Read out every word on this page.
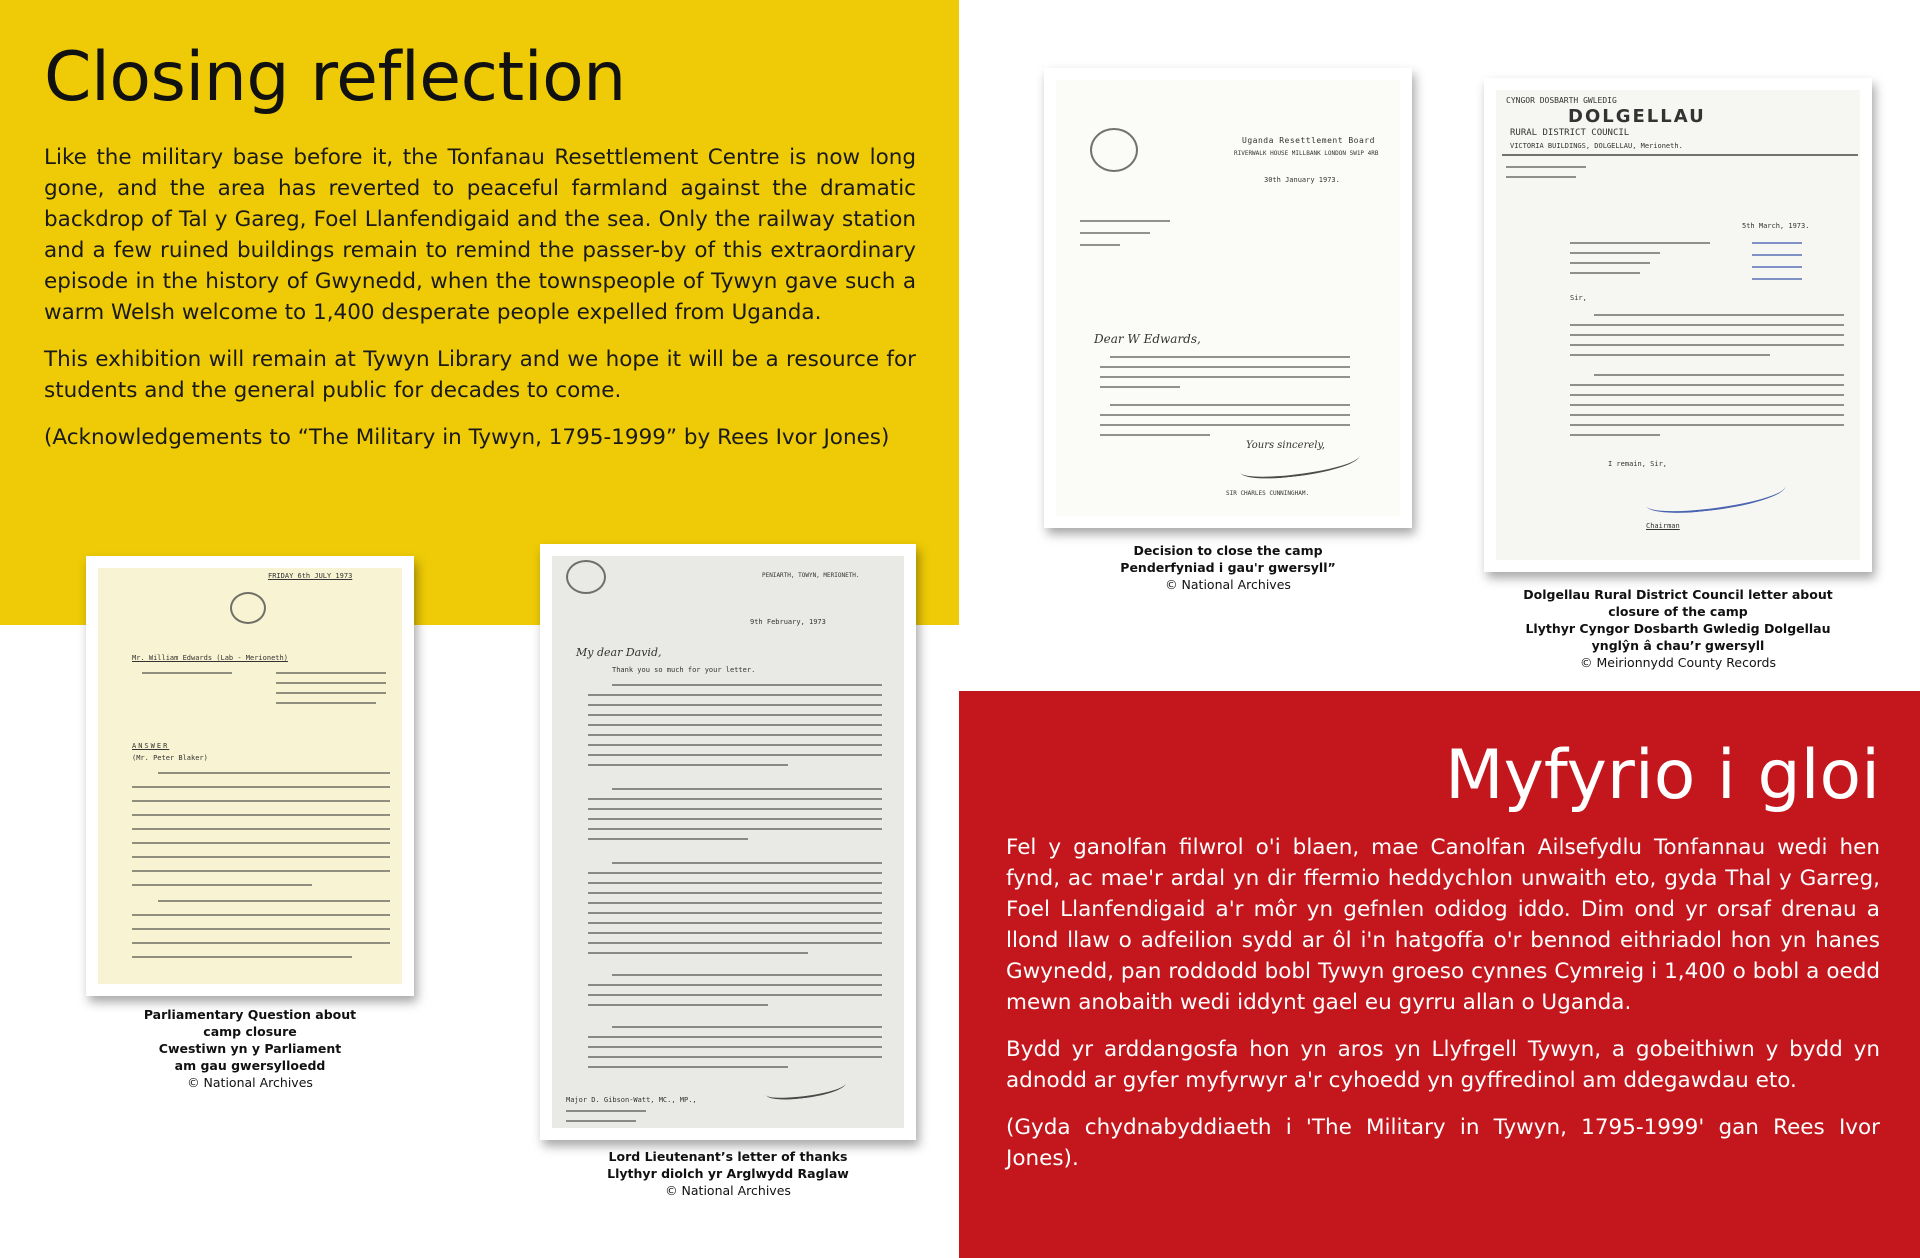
Closing reflection

Like the military base before it, the Tonfanau Resettlement Centre is now long gone, and the area has reverted to peaceful farmland against the dramatic backdrop of Tal y Gareg, Foel Llanfendigaid and the sea. Only the railway station and a few ruined buildings remain to remind the passer-by of this extraordinary episode in the history of Gwynedd, when the townspeople of Tywyn gave such a warm Welsh welcome to 1,400 desperate people expelled from Uganda.

This exhibition will remain at Tywyn Library and we hope it will be a resource for students and the general public for decades to come.

(Acknowledgements to “The Military in Tywyn, 1795-1999” by Rees Ivor Jones)

Myfyrio i gloi

Fel y ganolfan filwrol o'i blaen, mae Canolfan Ailsefydlu Tonfannau wedi hen fynd, ac mae'r ardal yn dir ffermio heddychlon unwaith eto, gyda Thal y Garreg, Foel Llanfendigaid a'r môr yn gefnlen odidog iddo. Dim ond yr orsaf drenau a llond llaw o adfeilion sydd ar ôl i'n hatgoffa o'r bennod eithriadol hon yn hanes Gwynedd, pan roddodd bobl Tywyn groeso cynnes Cymreig i 1,400 o bobl a oedd mewn anobaith wedi iddynt gael eu gyrru allan o Uganda.

Bydd yr arddangosfa hon yn aros yn Llyfrgell Tywyn, a gobeithiwn y bydd yn adnodd ar gyfer myfyrwyr a'r cyhoedd yn gyffredinol am ddegawdau eto.

(Gyda chydnabyddiaeth i 'The Military in Tywyn, 1795-1999' gan Rees Ivor Jones).

Uganda Resettlement Board
RIVERWALK HOUSE MILLBANK LONDON SW1P 4RB
30th January 1973.
Dear W Edwards,
Yours sincerely,
SIR CHARLES CUNNINGHAM.
Decision to close the camp
Penderfyniad i gau'r gwersyll”
© National Archives
CYNGOR DOSBARTH GWLEDIG
DOLGELLAU
RURAL DISTRICT COUNCIL
VICTORIA BUILDINGS, DOLGELLAU, Merioneth.
5th March, 1973.
Sir,
I remain, Sir,
Chairman
Dolgellau Rural District Council letter about
closure of the camp
Llythyr Cyngor Dosbarth Gwledig Dolgellau
ynglŷn â chau’r gwersyll
© Meirionnydd County Records
FRIDAY 6th JULY 1973
Mr. William Edwards (Lab - Merioneth)
ANSWER
(Mr. Peter Blaker)
Parliamentary Question about
camp closure
Cwestiwn yn y Parliament
am gau gwersylloedd
© National Archives
PENIARTH, TOWYN, MERIONETH.
9th February, 1973
My dear David,
Thank you so much for your letter.
Major D. Gibson-Watt, MC., MP.,
Lord Lieutenant’s letter of thanks
Llythyr diolch yr Arglwydd Raglaw
© National Archives
